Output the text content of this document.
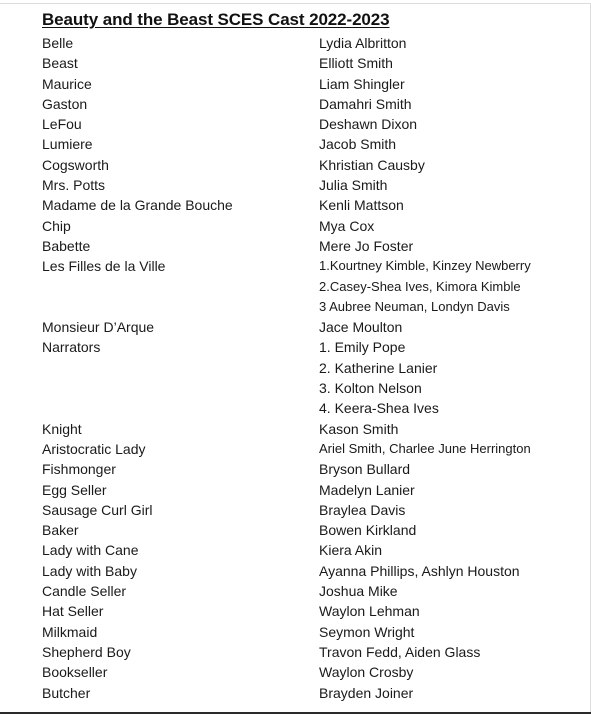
Beauty and the Beast SCES Cast 2022-2023
Belle	Lydia Albritton
Beast	Elliott Smith
Maurice	Liam Shingler
Gaston	Damahri Smith
LeFou	Deshawn Dixon
Lumiere	Jacob Smith
Cogsworth	Khristian Causby
Mrs. Potts	Julia Smith
Madame de la Grande Bouche	Kenli Mattson
Chip	Mya Cox
Babette	Mere Jo Foster
Les Filles de la Ville	1.Kourtney Kimble, Kinzey Newberry
2.Casey-Shea Ives, Kimora Kimble
3 Aubree Neuman, Londyn Davis
Monsieur D’Arque	Jace Moulton
Narrators	1. Emily Pope
2. Katherine Lanier
3. Kolton Nelson
4. Keera-Shea Ives
Knight	Kason Smith
Aristocratic Lady	Ariel Smith, Charlee June Herrington
Fishmonger	Bryson Bullard
Egg Seller	Madelyn Lanier
Sausage Curl Girl	Braylea Davis
Baker	Bowen Kirkland
Lady with Cane	Kiera Akin
Lady with Baby	Ayanna Phillips, Ashlyn Houston
Candle Seller	Joshua Mike
Hat Seller	Waylon Lehman
Milkmaid	Seymon Wright
Shepherd Boy	Travon Fedd, Aiden Glass
Bookseller	Waylon Crosby
Butcher	Brayden Joiner
